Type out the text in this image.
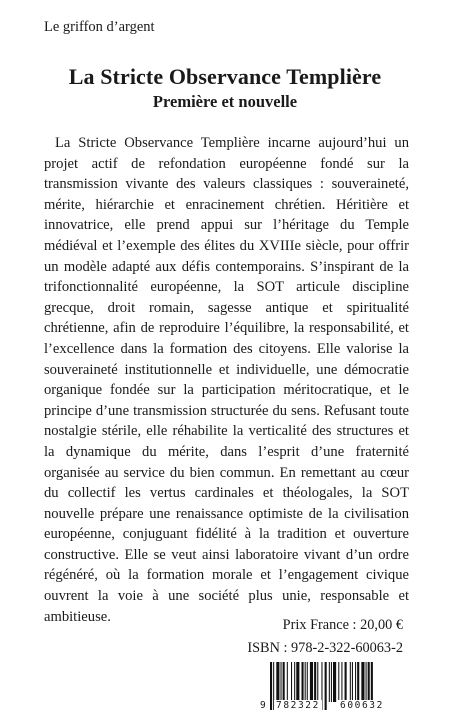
Le griffon d’argent

La Stricte Observance Templière
Première et nouvelle

La Stricte Observance Templière incarne aujourd’hui un projet actif de refondation européenne fondé sur la transmission vivante des valeurs classiques : souveraineté, mérite, hiérarchie et enracinement chrétien. Héritière et innovatrice, elle prend appui sur l’héritage du Temple médiéval et l’exemple des élites du XVIIIe siècle, pour offrir un modèle adapté aux défis contemporains. S’inspirant de la trifonctionnalité européenne, la SOT articule discipline grecque, droit romain, sagesse antique et spiritualité chrétienne, afin de reproduire l’équilibre, la responsabilité, et l’excellence dans la formation des citoyens. Elle valorise la souveraineté institutionnelle et individuelle, une démocratie organique fondée sur la participation méritocratique, et le principe d’une transmission structurée du sens. Refusant toute nostalgie stérile, elle réhabilite la verticalité des structures et la dynamique du mérite, dans l’esprit d’une fraternité organisée au service du bien commun. En remettant au cœur du collectif les vertus cardinales et théologales, la SOT nouvelle prépare une renaissance optimiste de la civilisation européenne, conjuguant fidélité à la tradition et ouverture constructive. Elle se veut ainsi laboratoire vivant d’un ordre régénéré, où la formation morale et l’engagement civique ouvrent la voie à une société plus unie, responsable et ambitieuse.

Prix France : 20,00 €

ISBN : 978-2-322-60063-2

9 782322 600632
